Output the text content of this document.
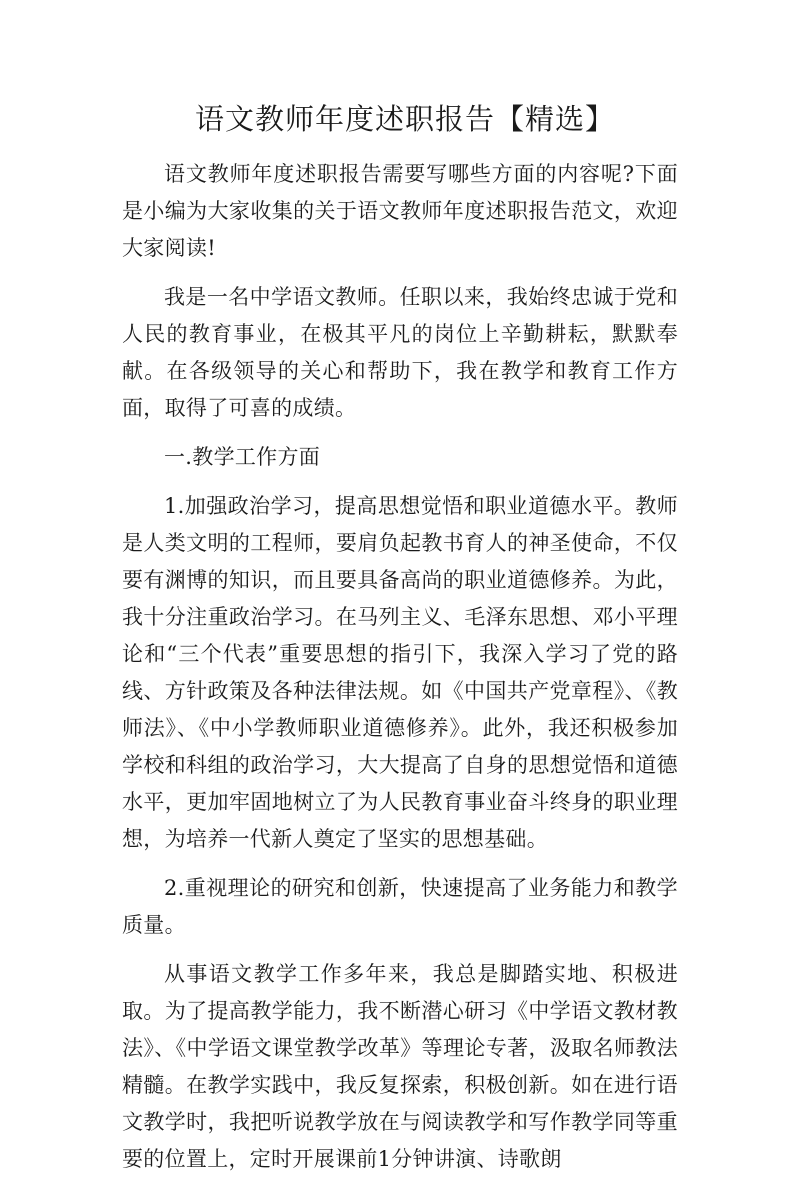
语文教师年度述职报告【精选】

语文教师年度述职报告需要写哪些方面的内容呢?下面是小编为大家收集的关于语文教师年度述职报告范文，欢迎大家阅读!

我是一名中学语文教师。任职以来，我始终忠诚于党和人民的教育事业，在极其平凡的岗位上辛勤耕耘，默默奉献。在各级领导的关心和帮助下，我在教学和教育工作方面，取得了可喜的成绩。

一.教学工作方面

1.加强政治学习，提高思想觉悟和职业道德水平。教师是人类文明的工程师，要肩负起教书育人的神圣使命，不仅要有渊博的知识，而且要具备高尚的职业道德修养。为此，我十分注重政治学习。在马列主义、毛泽东思想、邓小平理论和“三个代表”重要思想的指引下，我深入学习了党的路线、方针政策及各种法律法规。如《中国共产党章程》、《教师法》、《中小学教师职业道德修养》。此外，我还积极参加学校和科组的政治学习，大大提高了自身的思想觉悟和道德水平，更加牢固地树立了为人民教育事业奋斗终身的职业理想，为培养一代新人奠定了坚实的思想基础。

2.重视理论的研究和创新，快速提高了业务能力和教学质量。

从事语文教学工作多年来，我总是脚踏实地、积极进取。为了提高教学能力，我不断潜心研习《中学语文教材教法》、《中学语文课堂教学改革》等理论专著，汲取名师教法精髓。在教学实践中，我反复探索，积极创新。如在进行语文教学时，我把听说教学放在与阅读教学和写作教学同等重要的位置上，定时开展课前1分钟讲演、诗歌朗
